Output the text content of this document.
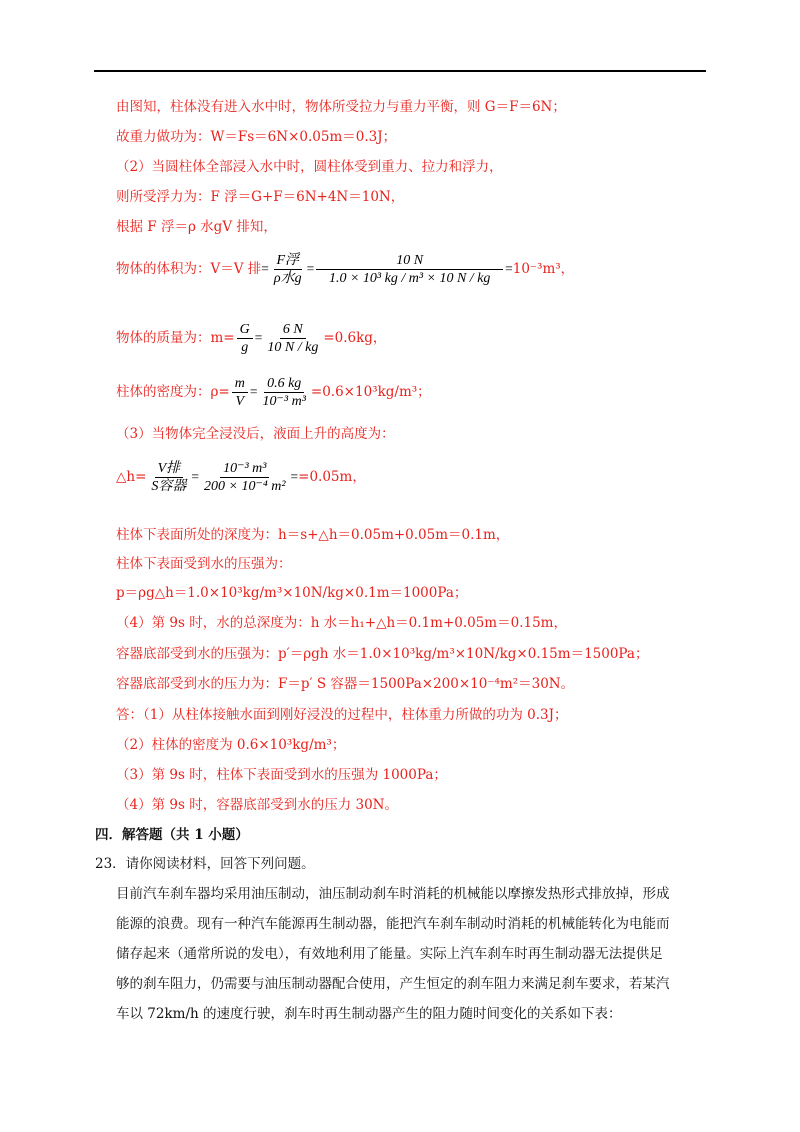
由图知，柱体没有进入水中时，物体所受拉力与重力平衡，则 G＝F＝6N；
故重力做功为：W＝Fs＝6N×0.05m＝0.3J；
（2）当圆柱体全部浸入水中时，圆柱体受到重力、拉力和浮力，
则所受浮力为：F 浮＝G+F＝6N+4N＝10N，
根据 F 浮＝ρ 水gV 排知，
物体的体积为：V＝V 排= $\frac{\text{F浮}}{\text{ρ水g}} = \frac{10 N}{\text{1.0 × 10³ kg / m³ × 10 N / kg}} =10^{-3}m^3$，
物体的质量为：$m= \frac{G}{g} = \frac{6 N}{10 N / kg} =0.6kg$，
柱体的密度为：$\rho= \frac{m}{V} = \frac{0.6 kg}{\text{10⁻³ m³}} =0.6\times 10^3kg/m^3$；
（3）当物体完全浸没后，液面上升的高度为：
△h= $\frac{\text{V排}}{\text{S容器}} = \frac{\text{10⁻³ m³}}{\text{200 × 10⁻⁴ m²}} ==0.05m$，
柱体下表面所处的深度为：h＝s+△h＝0.05m+0.05m＝0.1m，
柱体下表面受到水的压强为：
p＝ρg△h＝1.0×10³kg/m³×10N/kg×0.1m＝1000Pa；
（4）第 9s 时，水的总深度为：h 水＝h₁+△h＝0.1m+0.05m＝0.15m，
容器底部受到水的压强为：p′＝ρgh 水＝1.0×10³kg/m³×10N/kg×0.15m＝1500Pa；
容器底部受到水的压力为：F＝p′ S 容器＝1500Pa×200×10⁻⁴m²＝30N。
答：（1）从柱体接触水面到刚好浸没的过程中，柱体重力所做的功为 0.3J；
（2）柱体的密度为 0.6×10³kg/m³；
（3）第 9s 时，柱体下表面受到水的压强为 1000Pa；
（4）第 9s 时，容器底部受到水的压力 30N。
四．解答题（共 1 小题）
23．请你阅读材料，回答下列问题。
目前汽车刹车器均采用油压制动，油压制动刹车时消耗的机械能以摩擦发热形式排放掉，形成
能源的浪费。现有一种汽车能源再生制动器，能把汽车刹车制动时消耗的机械能转化为电能而
储存起来（通常所说的发电），有效地利用了能量。实际上汽车刹车时再生制动器无法提供足
够的刹车阻力，仍需要与油压制动器配合使用，产生恒定的刹车阻力来满足刹车要求，若某汽
车以 72km/h 的速度行驶，刹车时再生制动器产生的阻力随时间变化的关系如下表：
